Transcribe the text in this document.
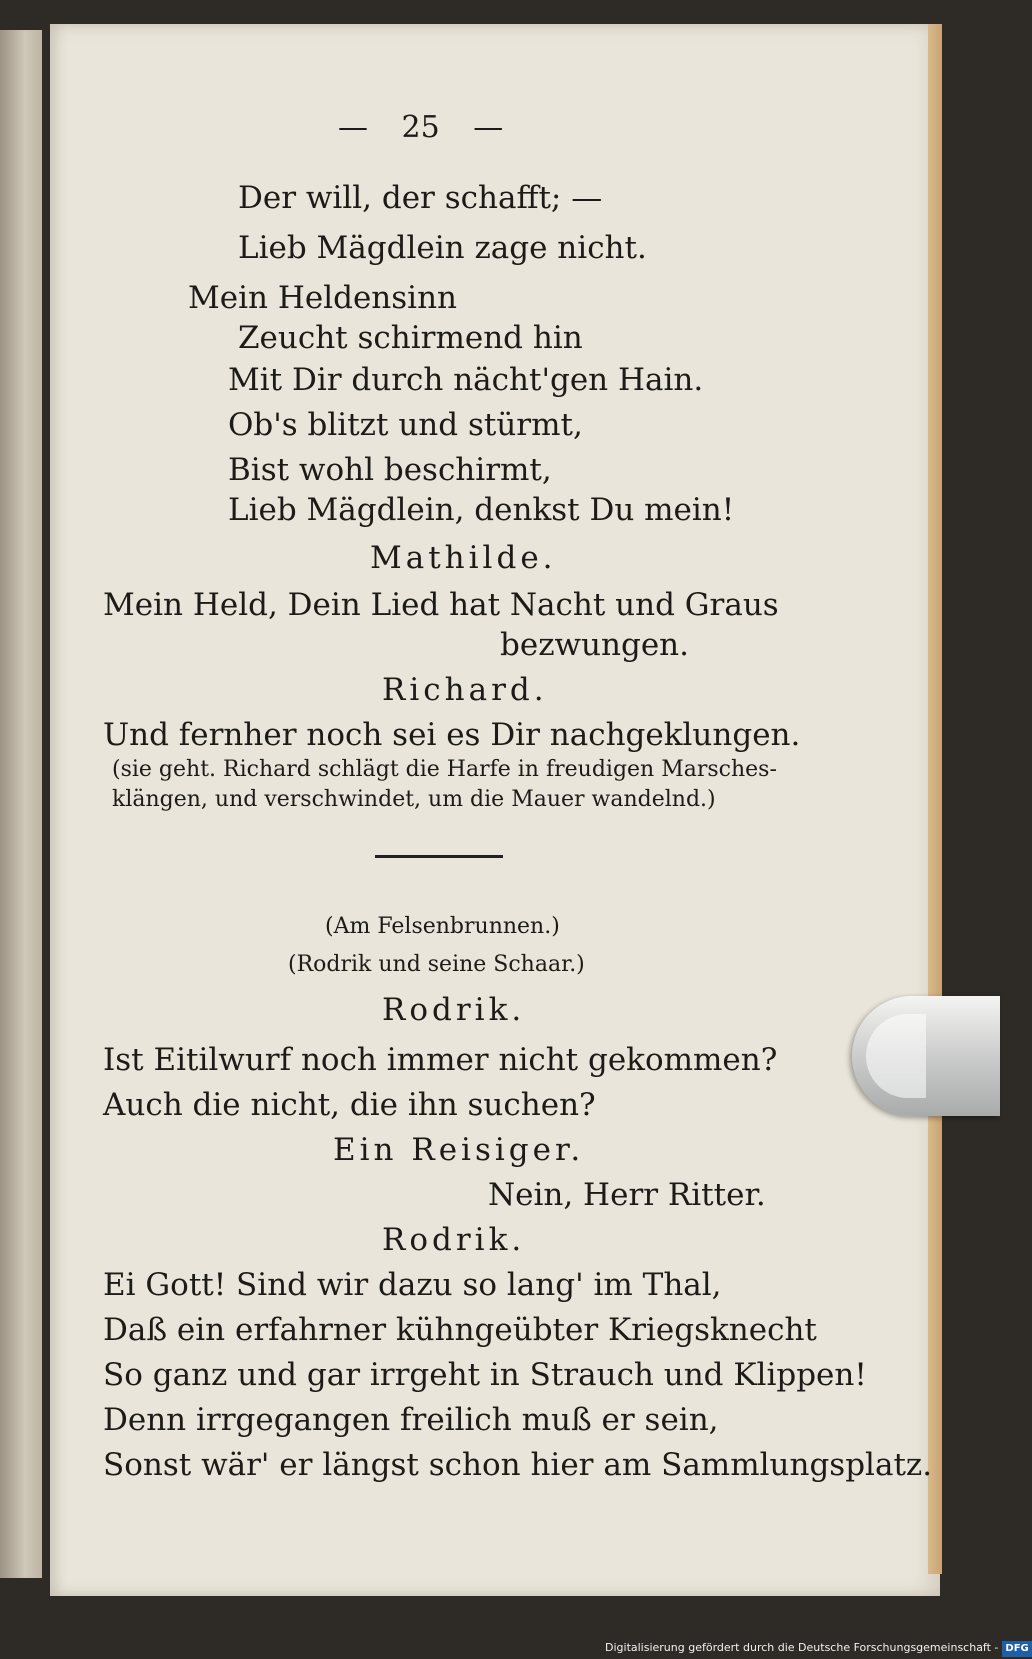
— 25 —
Der will, der schafft; —
Lieb Mägdlein zage nicht.
Mein Heldensinn
Zeucht schirmend hin
Mit Dir durch nächt'gen Hain.
Ob's blitzt und stürmt,
Bist wohl beschirmt,
Lieb Mägdlein, denkst Du mein!
Mathilde.
Mein Held, Dein Lied hat Nacht und Graus
bezwungen.
Richard.
Und fernher noch sei es Dir nachgeklungen.
(sie geht. Richard schlägt die Harfe in freudigen Marsches-
klängen, und verschwindet, um die Mauer wandelnd.)
(Am Felsenbrunnen.)
(Rodrik und seine Schaar.)
Rodrik.
Ist Eitilwurf noch immer nicht gekommen?
Auch die nicht, die ihn suchen?
Ein Reisiger.
Nein, Herr Ritter.
Rodrik.
Ei Gott! Sind wir dazu so lang' im Thal,
Daß ein erfahrner kühngeübter Kriegsknecht
So ganz und gar irrgeht in Strauch und Klippen!
Denn irrgegangen freilich muß er sein,
Sonst wär' er längst schon hier am Sammlungsplatz.
Digitalisierung gefördert durch die Deutsche Forschungsgemeinschaft - DFG
